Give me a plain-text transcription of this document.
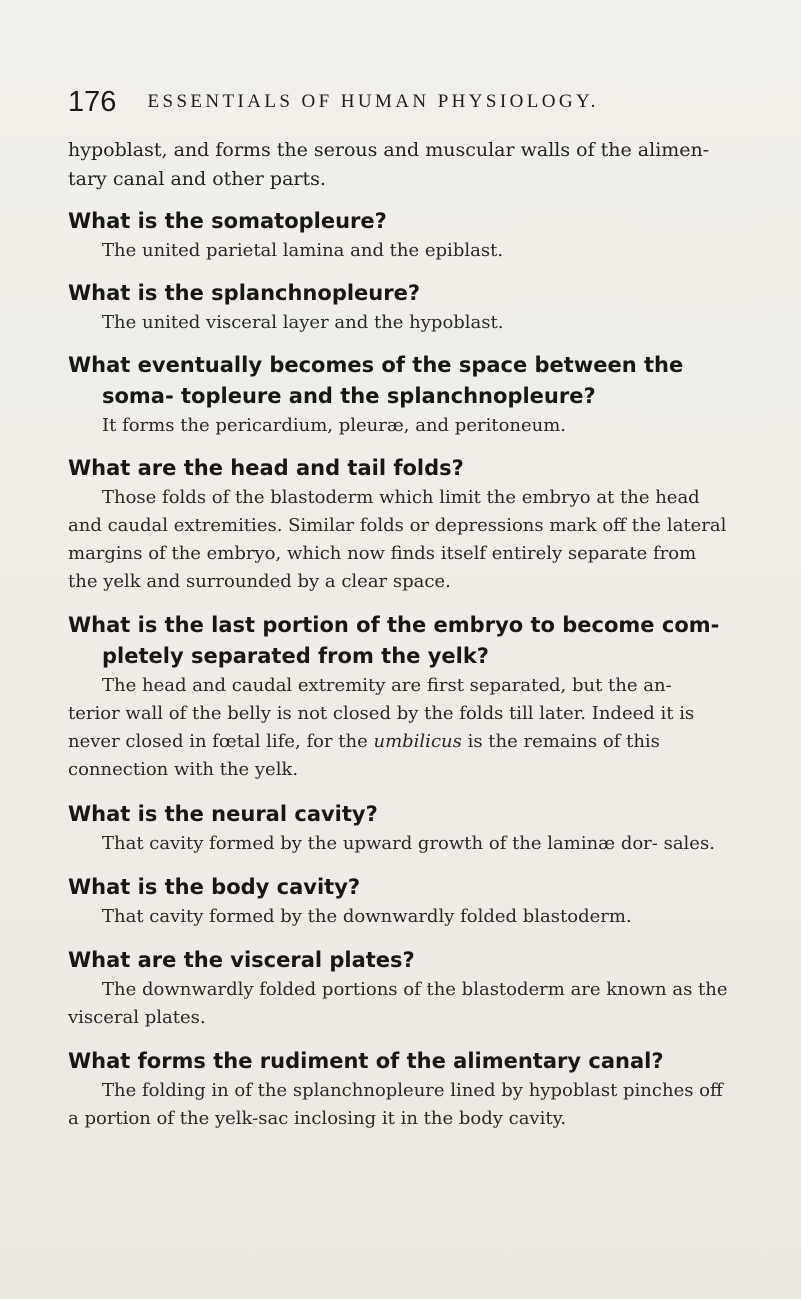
176 ESSENTIALS OF HUMAN PHYSIOLOGY.

hypoblast, and forms the serous and muscular walls of the alimen- tary canal and other parts.

What is the somatopleure?

The united parietal lamina and the epiblast.

What is the splanchnopleure?

The united visceral layer and the hypoblast.

What eventually becomes of the space between the soma- topleure and the splanchnopleure?

It forms the pericardium, pleuræ, and peritoneum.

What are the head and tail folds?

Those folds of the blastoderm which limit the embryo at the head and caudal extremities. Similar folds or depressions mark off the lateral margins of the embryo, which now finds itself entirely separate from the yelk and surrounded by a clear space.

What is the last portion of the embryo to become com- pletely separated from the yelk?

The head and caudal extremity are first separated, but the an- terior wall of the belly is not closed by the folds till later. Indeed it is never closed in fœtal life, for the umbilicus is the remains of this connection with the yelk.

What is the neural cavity?

That cavity formed by the upward growth of the laminæ dor- sales.

What is the body cavity?

That cavity formed by the downwardly folded blastoderm.

What are the visceral plates?

The downwardly folded portions of the blastoderm are known as the visceral plates.

What forms the rudiment of the alimentary canal?

The folding in of the splanchnopleure lined by hypoblast pinches off a portion of the yelk-sac inclosing it in the body cavity.
